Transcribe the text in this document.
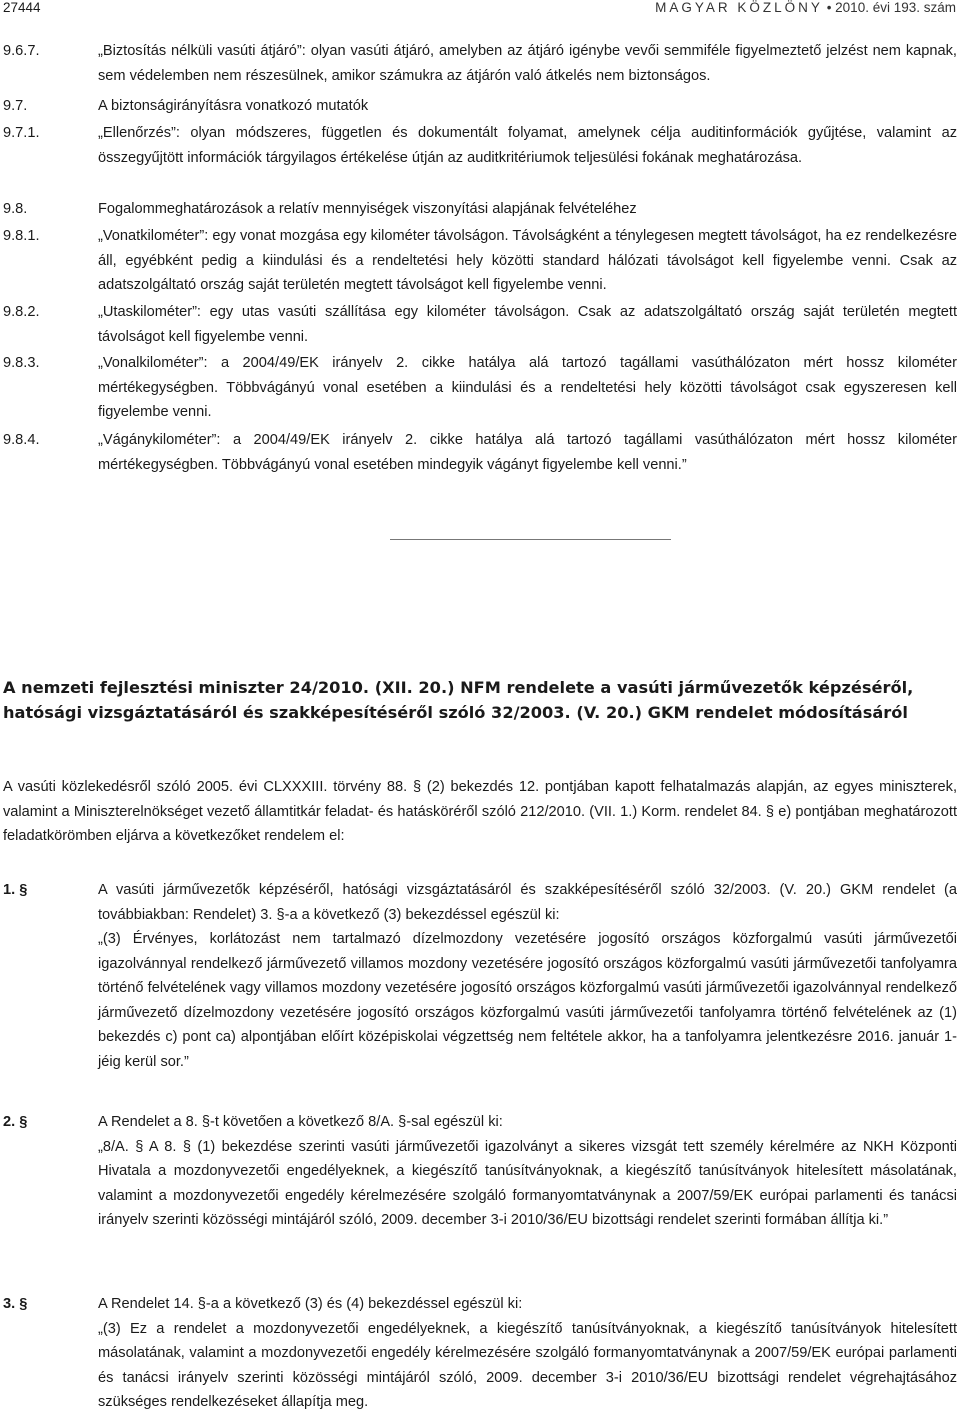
27444	MAGYAR KÖZLÖNY • 2010. évi 193. szám
9.6.7.	„Biztosítás nélküli vasúti átjáró”: olyan vasúti átjáró, amelyben az átjáró igénybe vevői semmiféle figyelmeztető jelzést nem kapnak, sem védelemben nem részesülnek, amikor számukra az átjárón való átkelés nem biztonságos.
9.7.	A biztonságirányításra vonatkozó mutatók
9.7.1.	„Ellenőrzés”: olyan módszeres, független és dokumentált folyamat, amelynek célja auditinformációk gyűjtése, valamint az összegyűjtött információk tárgyilagos értékelése útján az auditkritériumok teljesülési fokának meghatározása.
9.8.	Fogalommeghatározások a relatív mennyiségek viszonyítási alapjának felvételéhez
9.8.1.	„Vonatkilométer”: egy vonat mozgása egy kilométer távolságon. Távolságként a ténylegesen megtett távolságot, ha ez rendelkezésre áll, egyébként pedig a kiindulási és a rendeltetési hely közötti standard hálózati távolságot kell figyelembe venni. Csak az adatszolgáltató ország saját területén megtett távolságot kell figyelembe venni.
9.8.2.	„Utaskilométer”: egy utas vasúti szállítása egy kilométer távolságon. Csak az adatszolgáltató ország saját területén megtett távolságot kell figyelembe venni.
9.8.3.	„Vonalkilométer”: a 2004/49/EK irányelv 2. cikke hatálya alá tartozó tagállami vasúthálózaton mért hossz kilométer mértékegységben. Többvágányú vonal esetében a kiindulási és a rendeltetési hely közötti távolságot csak egyszeresen kell figyelembe venni.
9.8.4.	„Vágánykilométer”: a 2004/49/EK irányelv 2. cikke hatálya alá tartozó tagállami vasúthálózaton mért hossz kilométer mértékegységben. Többvágányú vonal esetében mindegyik vágányt figyelembe kell venni.”
A nemzeti fejlesztési miniszter 24/2010. (XII. 20.) NFM rendelete a vasúti járművezetők képzéséről, hatósági vizsgáztatásáról és szakképesítéséről szóló 32/2003. (V. 20.) GKM rendelet módosításáról
A vasúti közlekedésről szóló 2005. évi CLXXXIII. törvény 88. § (2) bekezdés 12. pontjában kapott felhatalmazás alapján, az egyes miniszterek, valamint a Miniszterelnökséget vezető államtitkár feladat- és hatásköréről szóló 212/2010. (VII. 1.) Korm. rendelet 84. § e) pontjában meghatározott feladatkörömben eljárva a következőket rendelem el:
1. §	A vasúti járművezetők képzéséről, hatósági vizsgáztatásáról és szakképesítéséről szóló 32/2003. (V. 20.) GKM rendelet (a továbbiakban: Rendelet) 3. §-a a következő (3) bekezdéssel egészül ki:
„(3) Érvényes, korlátozást nem tartalmazó dízelmozdony vezetésére jogosító országos közforgalmú vasúti járművezetői igazolvánnyal rendelkező járművezető villamos mozdony vezetésére jogosító országos közforgalmú vasúti járművezetői tanfolyamra történő felvételének vagy villamos mozdony vezetésére jogosító országos közforgalmú vasúti járművezetői igazolvánnyal rendelkező járművezető dízelmozdony vezetésére jogosító országos közforgalmú vasúti járművezetői tanfolyamra történő felvételének az (1) bekezdés c) pont ca) alpontjában előírt középiskolai végzettség nem feltétele akkor, ha a tanfolyamra jelentkezésre 2016. január 1-jéig kerül sor.”
2. §	A Rendelet a 8. §-t követően a következő 8/A. §-sal egészül ki:
„8/A. § A 8. § (1) bekezdése szerinti vasúti járművezetői igazolványt a sikeres vizsgát tett személy kérelmére az NKH Központi Hivatala a mozdonyvezetői engedélyeknek, a kiegészítő tanúsítványoknak, a kiegészítő tanúsítványok hitelesített másolatának, valamint a mozdonyvezetői engedély kérelmezésére szolgáló formanyomtatványnak a 2007/59/EK európai parlamenti és tanácsi irányelv szerinti közösségi mintájáról szóló, 2009. december 3-i 2010/36/EU bizottsági rendelet szerinti formában állítja ki.”
3. §	A Rendelet 14. §-a a következő (3) és (4) bekezdéssel egészül ki:
„(3) Ez a rendelet a mozdonyvezetői engedélyeknek, a kiegészítő tanúsítványoknak, a kiegészítő tanúsítványok hitelesített másolatának, valamint a mozdonyvezetői engedély kérelmezésére szolgáló formanyomtatványnak a 2007/59/EK európai parlamenti és tanácsi irányelv szerinti közösségi mintájáról szóló, 2009. december 3-i 2010/36/EU bizottsági rendelet végrehajtásához szükséges rendelkezéseket állapítja meg.
